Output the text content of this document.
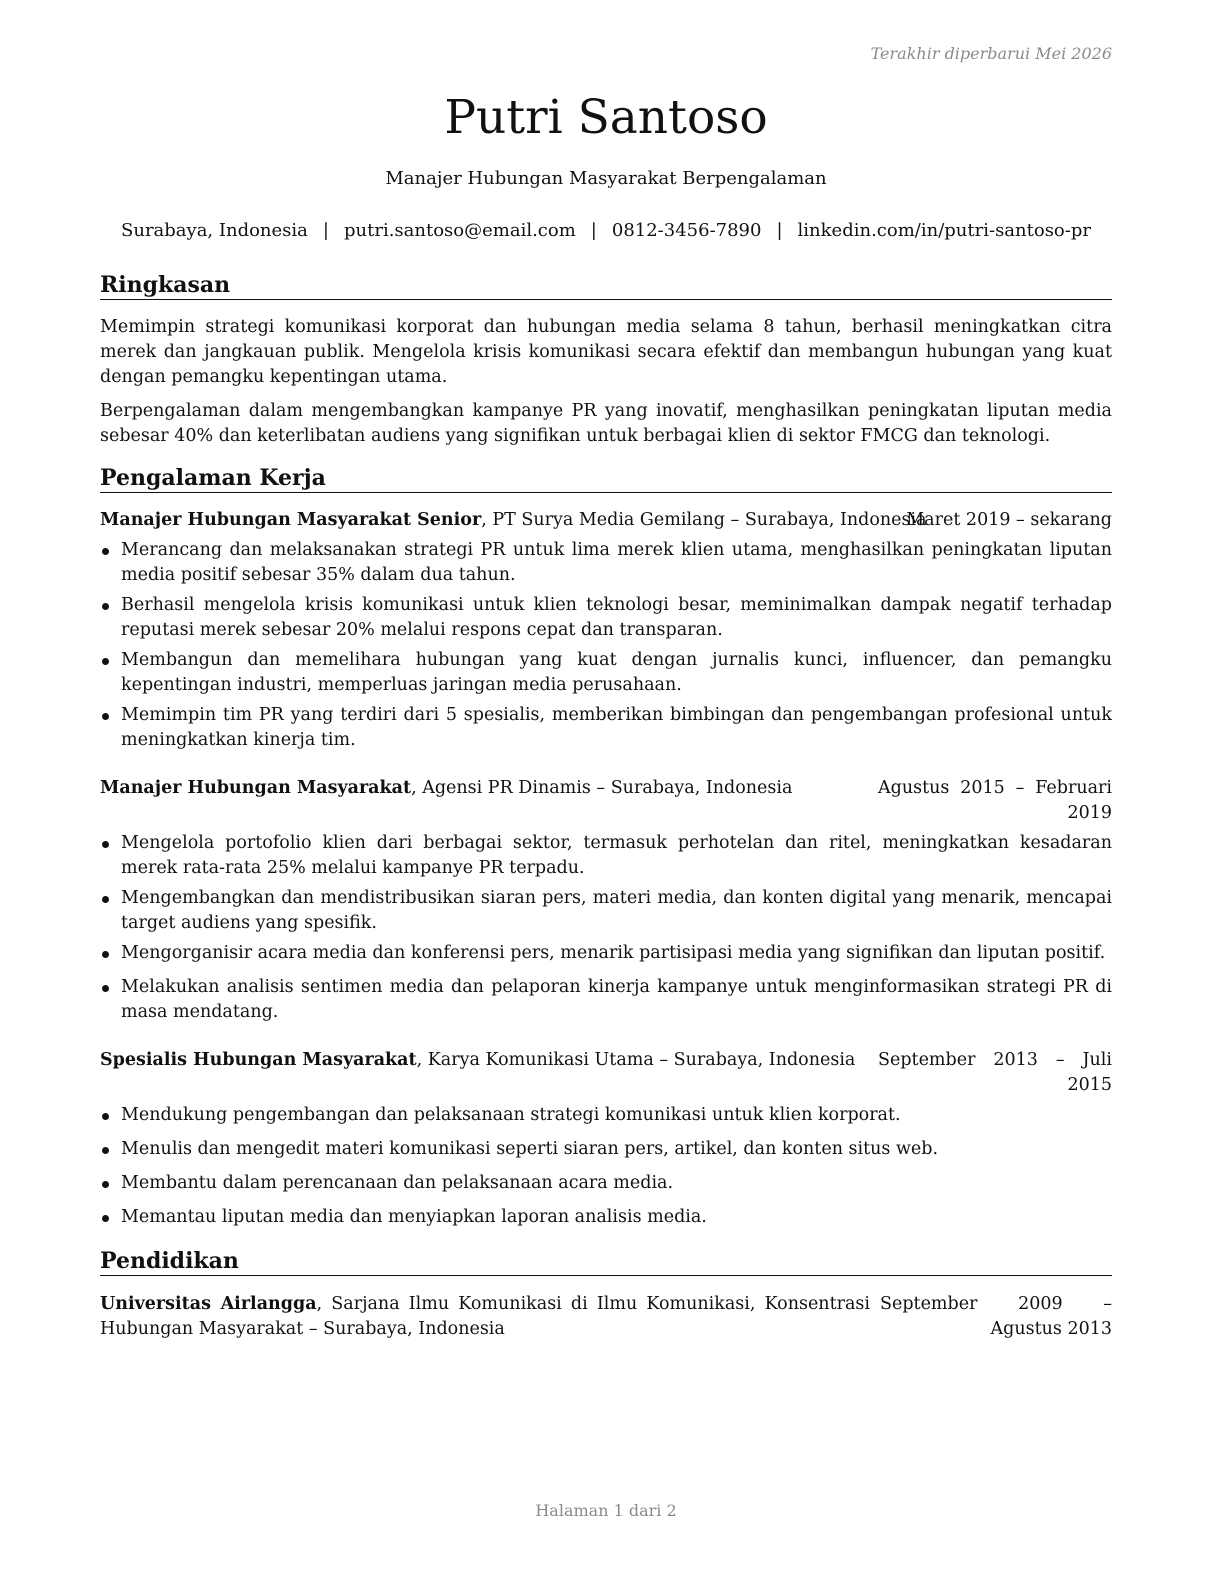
Terakhir diperbarui Mei 2026
Putri Santoso
Manajer Hubungan Masyarakat Berpengalaman
Surabaya, Indonesia | putri.santoso@email.com | 0812-3456-7890 | linkedin.com/in/putri-santoso-pr
Ringkasan
Memimpin strategi komunikasi korporat dan hubungan media selama 8 tahun, berhasil meningkatkan citra merek dan jangkauan publik. Mengelola krisis komunikasi secara efektif dan membangun hubungan yang kuat dengan pemangku kepentingan utama.
Berpengalaman dalam mengembangkan kampanye PR yang inovatif, menghasilkan peningkatan liputan media sebesar 40% dan keterlibatan audiens yang signifikan untuk berbagai klien di sektor FMCG dan teknologi.
Pengalaman Kerja
Manajer Hubungan Masyarakat Senior, PT Surya Media Gemilang – Surabaya, Indonesia
Maret 2019 – sekarang
Merancang dan melaksanakan strategi PR untuk lima merek klien utama, menghasilkan peningkatan liputan media positif sebesar 35% dalam dua tahun.
Berhasil mengelola krisis komunikasi untuk klien teknologi besar, meminimalkan dampak negatif terhadap reputasi merek sebesar 20% melalui respons cepat dan transparan.
Membangun dan memelihara hubungan yang kuat dengan jurnalis kunci, influencer, dan pemangku kepentingan industri, memperluas jaringan media perusahaan.
Memimpin tim PR yang terdiri dari 5 spesialis, memberikan bimbingan dan pengembangan profesional untuk meningkatkan kinerja tim.
Manajer Hubungan Masyarakat, Agensi PR Dinamis – Surabaya, Indonesia	Agustus 2015 – Februari 2019
Mengelola portofolio klien dari berbagai sektor, termasuk perhotelan dan ritel, meningkatkan kesadaran merek rata-rata 25% melalui kampanye PR terpadu.
Mengembangkan dan mendistribusikan siaran pers, materi media, dan konten digital yang menarik, mencapai target audiens yang spesifik.
Mengorganisir acara media dan konferensi pers, menarik partisipasi media yang signifikan dan liputan positif.
Melakukan analisis sentimen media dan pelaporan kinerja kampanye untuk menginformasikan strategi PR di masa mendatang.
Spesialis Hubungan Masyarakat, Karya Komunikasi Utama – Surabaya, Indonesia September 2013 – Juli 2015
Mendukung pengembangan dan pelaksanaan strategi komunikasi untuk klien korporat.
Menulis dan mengedit materi komunikasi seperti siaran pers, artikel, dan konten situs web.
Membantu dalam perencanaan dan pelaksanaan acara media.
Memantau liputan media dan menyiapkan laporan analisis media.
Pendidikan
Universitas Airlangga, Sarjana Ilmu Komunikasi di Ilmu Komunikasi, Konsentrasi Hubungan Masyarakat – Surabaya, Indonesia
September 2009 – Agustus 2013
Halaman 1 dari 2
